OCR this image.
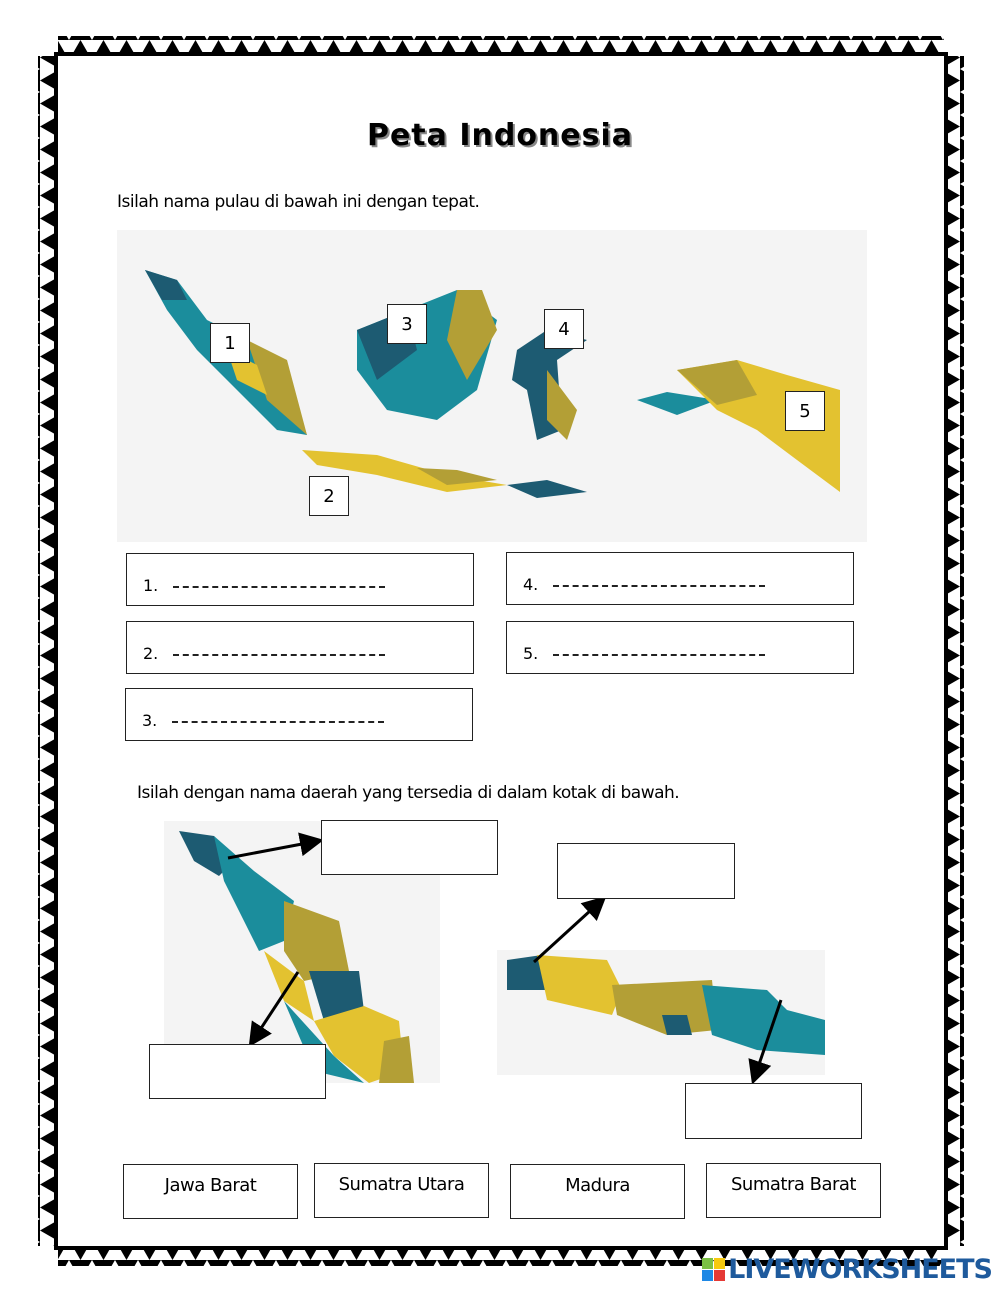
Peta Indonesia
Isilah nama pulau di bawah ini dengan tepat.
1
2
3	4
5
1.
2.
3.
4.
5.
Isilah dengan nama daerah yang tersedia di dalam kotak di bawah.
Jawa Barat	Sumatra Utara	Madura	Sumatra Barat
LIVEWORKSHEETS
